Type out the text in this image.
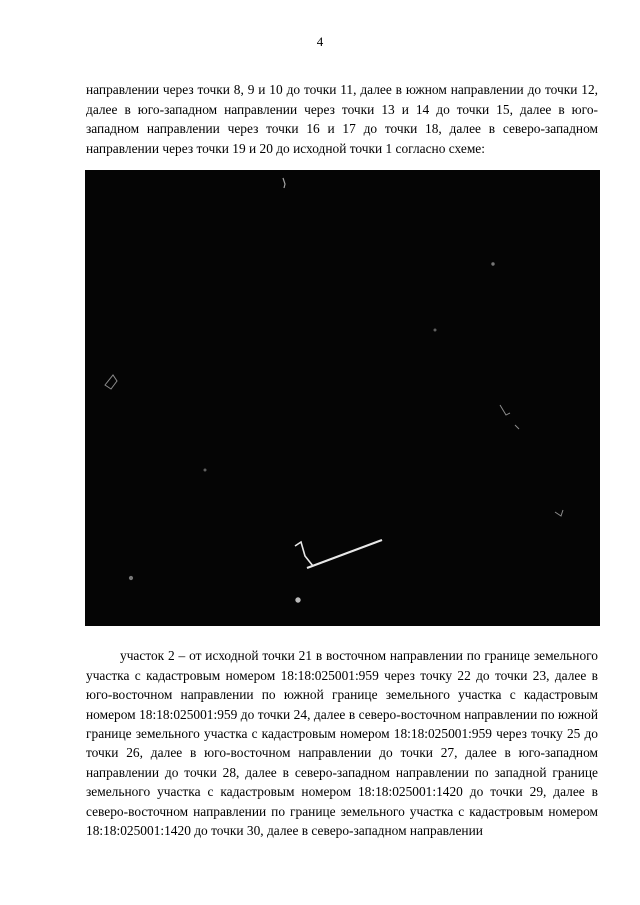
4

направлении через точки 8, 9 и 10 до точки 11, далее в южном направлении до точки 12, далее в юго-западном направлении через точки 13 и 14 до точки 15, далее в юго-западном направлении через точки 16 и 17 до точки 18, далее в северо-западном направлении через точки 19 и 20 до исходной точки 1 согласно схеме:

участок 2 – от исходной точки 21 в восточном направлении по границе земельного участка с кадастровым номером 18:18:025001:959 через точку 22 до точки 23, далее в юго-восточном направлении по южной границе земельного участка с кадастровым номером 18:18:025001:959 до точки 24, далее в северо-восточном направлении по южной границе земельного участка с кадастровым номером 18:18:025001:959 через точку 25 до точки 26, далее в юго-восточном направлении до точки 27, далее в юго-западном направлении до точки 28, далее в северо-западном направлении по западной границе земельного участка с кадастровым номером 18:18:025001:1420 до точки 29, далее в северо-восточном направлении по границе земельного участка с кадастровым номером 18:18:025001:1420 до точки 30, далее в северо-западном направлении
